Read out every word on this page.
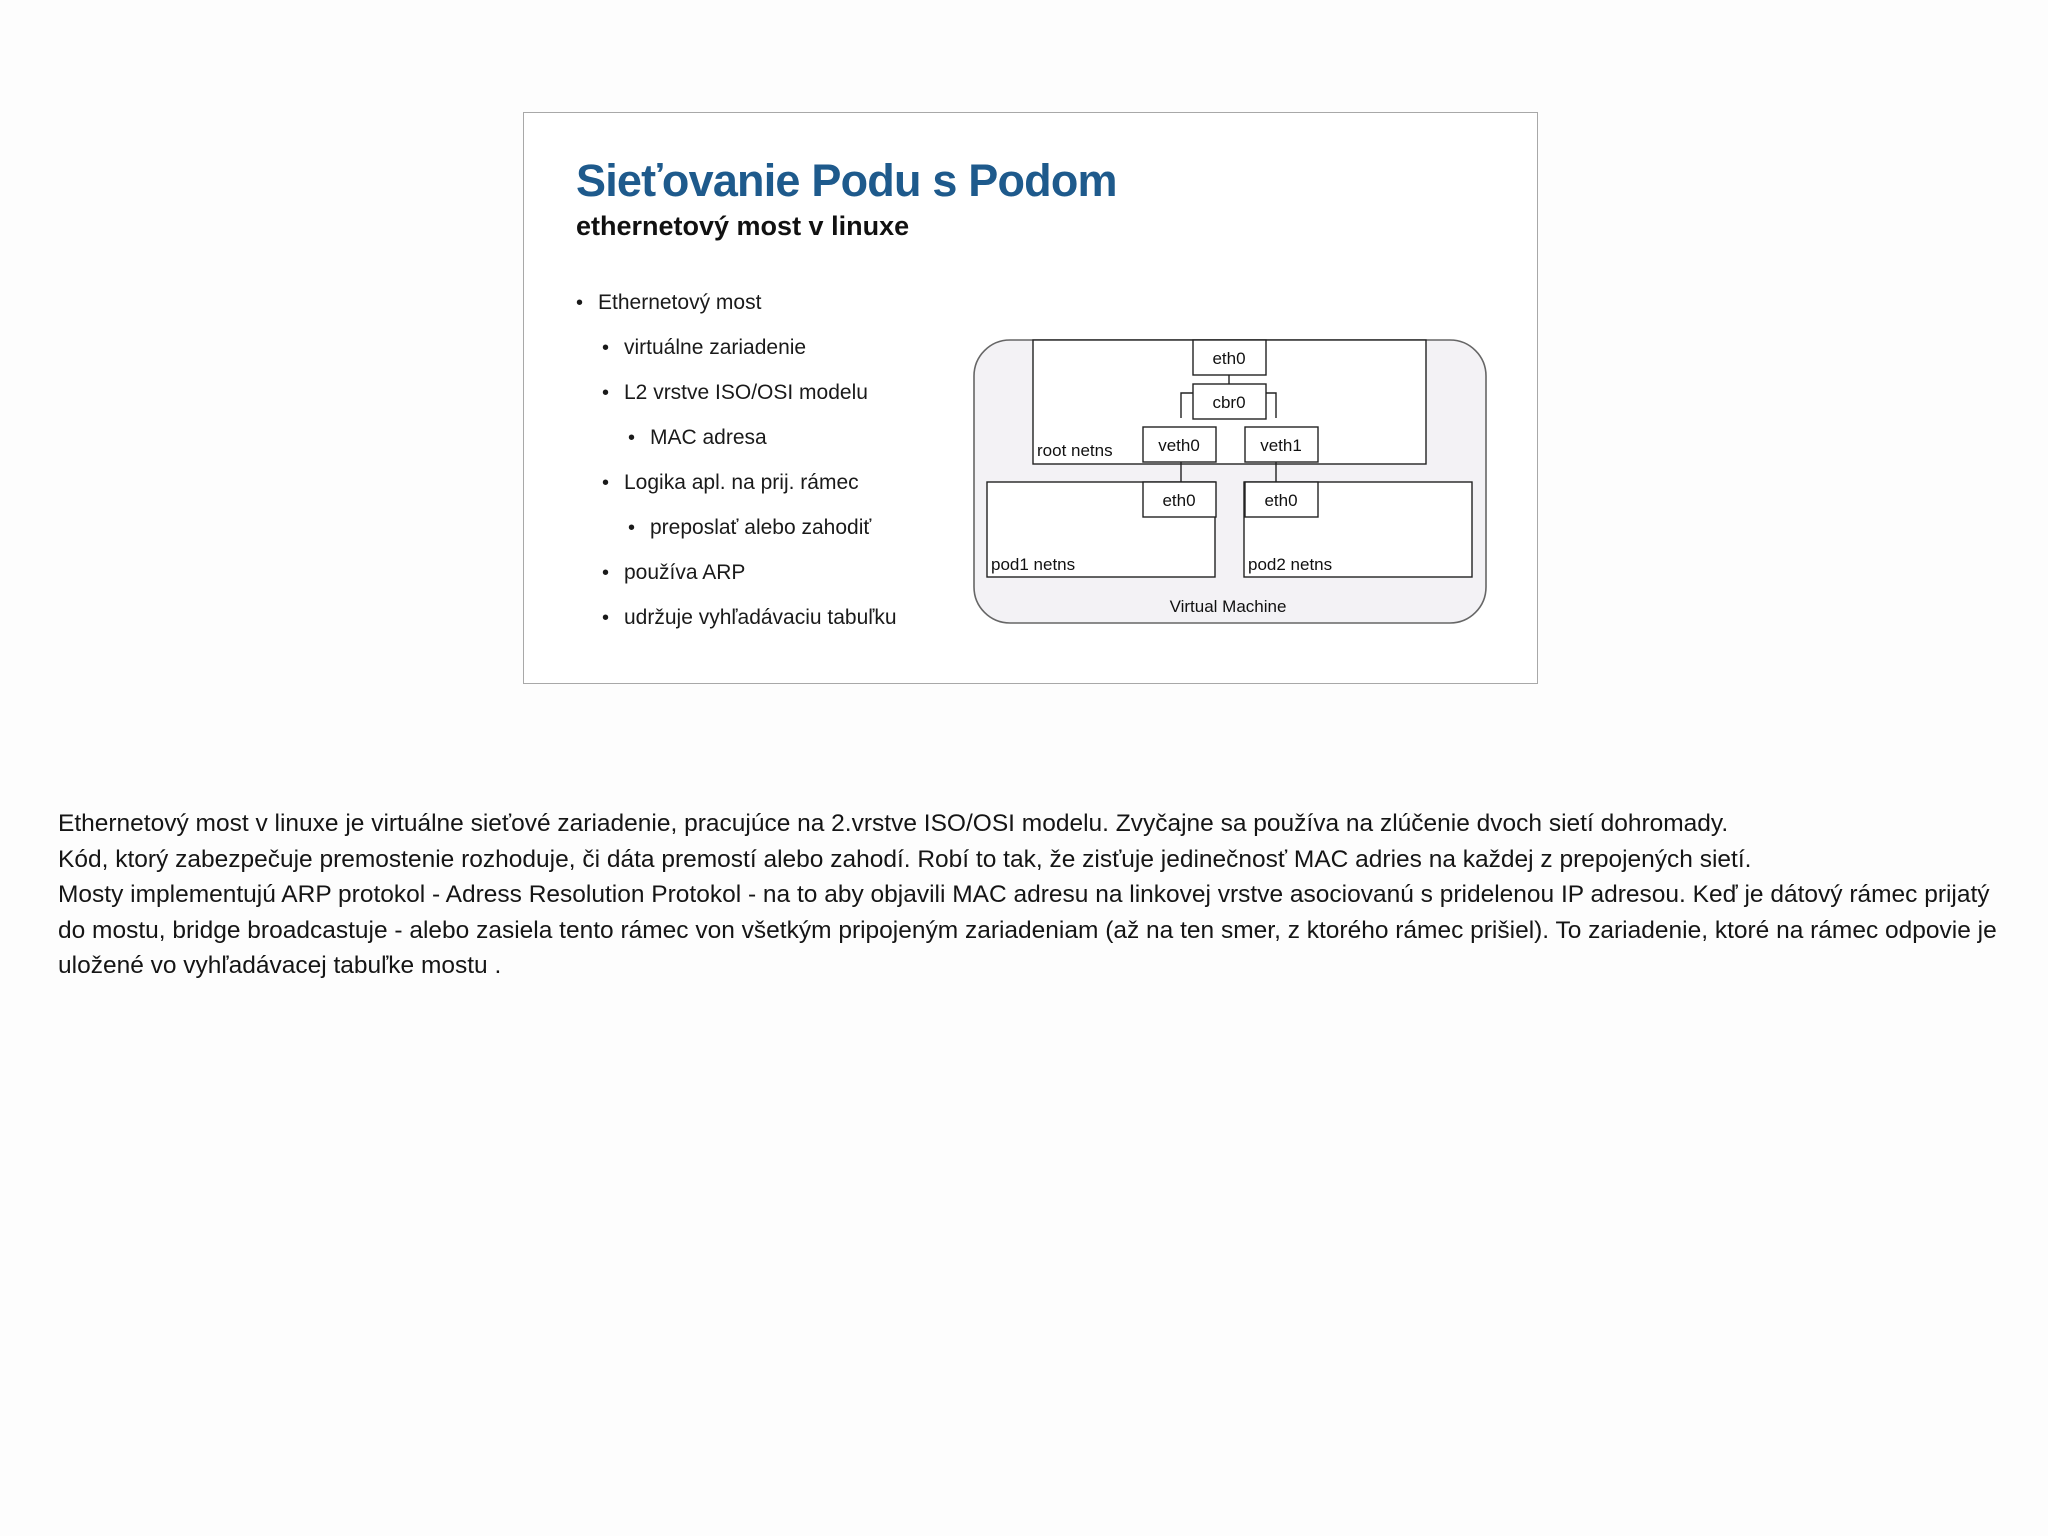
Sieťovanie Podu s Podom
ethernetový most v linuxe
• Ethernetový most
• virtuálne zariadenie
• L2 vrstve ISO/OSI modelu
• MAC adresa
• Logika apl. na prij. rámec
• preposlať alebo zahodiť
• používa ARP
• udržuje vyhľadávaciu tabuľku	Virtual Machine
root netns
pod1 netns	pod2 netns
eth0
cbr0
veth0	veth1
eth0	eth0

Ethernetový most v linuxe je virtuálne sieťové zariadenie, pracujúce na 2.vrstve ISO/OSI modelu. Zvyčajne sa používa na zlúčenie dvoch sietí dohromady.

Kód, ktorý zabezpečuje premostenie rozhoduje, či dáta premostí alebo zahodí. Robí to tak, že zisťuje jedinečnosť MAC adries na každej z prepojených sietí.

Mosty implementujú ARP protokol - Adress Resolution Protokol - na to aby objavili MAC adresu na linkovej vrstve asociovanú s pridelenou IP adresou. Keď je dátový rámec prijatý do mostu, bridge broadcastuje - alebo zasiela tento rámec von všetkým pripojeným zariadeniam (až na ten smer, z ktorého rámec prišiel). To zariadenie, ktoré na rámec odpovie je uložené vo vyhľadávacej tabuľke mostu .
